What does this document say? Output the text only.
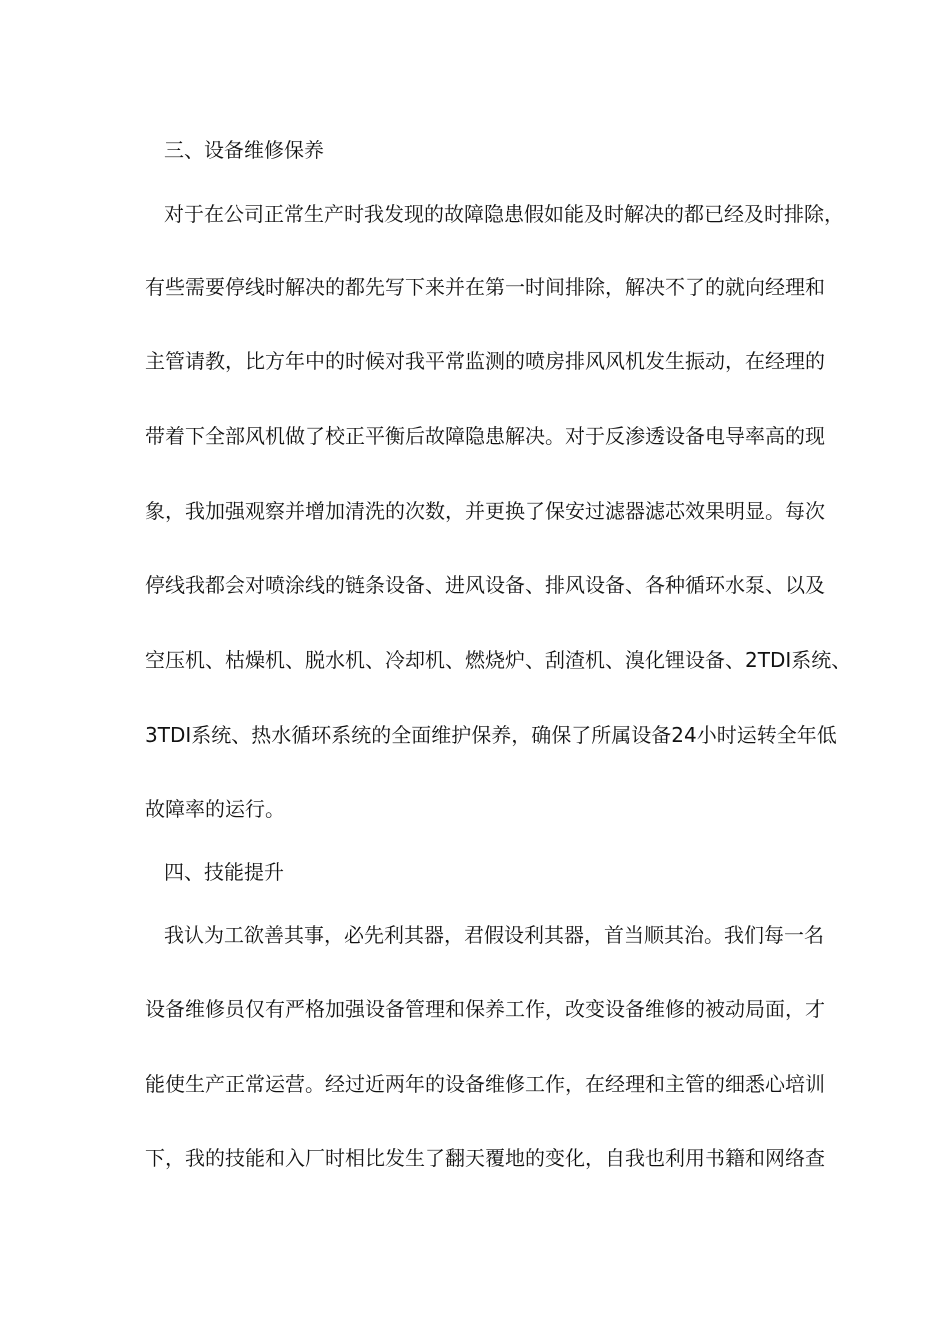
三、设备维修保养
对于在公司正常生产时我发现的故障隐患假如能及时解决的都已经及时排除，
有些需要停线时解决的都先写下来并在第一时间排除，解决不了的就向经理和
主管请教，比方年中的时候对我平常监测的喷房排风风机发生振动，在经理的
带着下全部风机做了校正平衡后故障隐患解决。对于反渗透设备电导率高的现
象，我加强观察并增加清洗的次数，并更换了保安过滤器滤芯效果明显。每次
停线我都会对喷涂线的链条设备、进风设备、排风设备、各种循环水泵、以及
空压机、枯燥机、脱水机、冷却机、燃烧炉、刮渣机、溴化锂设备、2TDI系统、
3TDI系统、热水循环系统的全面维护保养，确保了所属设备24小时运转全年低
故障率的运行。
四、技能提升
我认为工欲善其事，必先利其器，君假设利其器，首当顺其治。我们每一名
设备维修员仅有严格加强设备管理和保养工作，改变设备维修的被动局面，才
能使生产正常运营。经过近两年的设备维修工作，在经理和主管的细悉心培训
下，我的技能和入厂时相比发生了翻天覆地的变化，自我也利用书籍和网络查
